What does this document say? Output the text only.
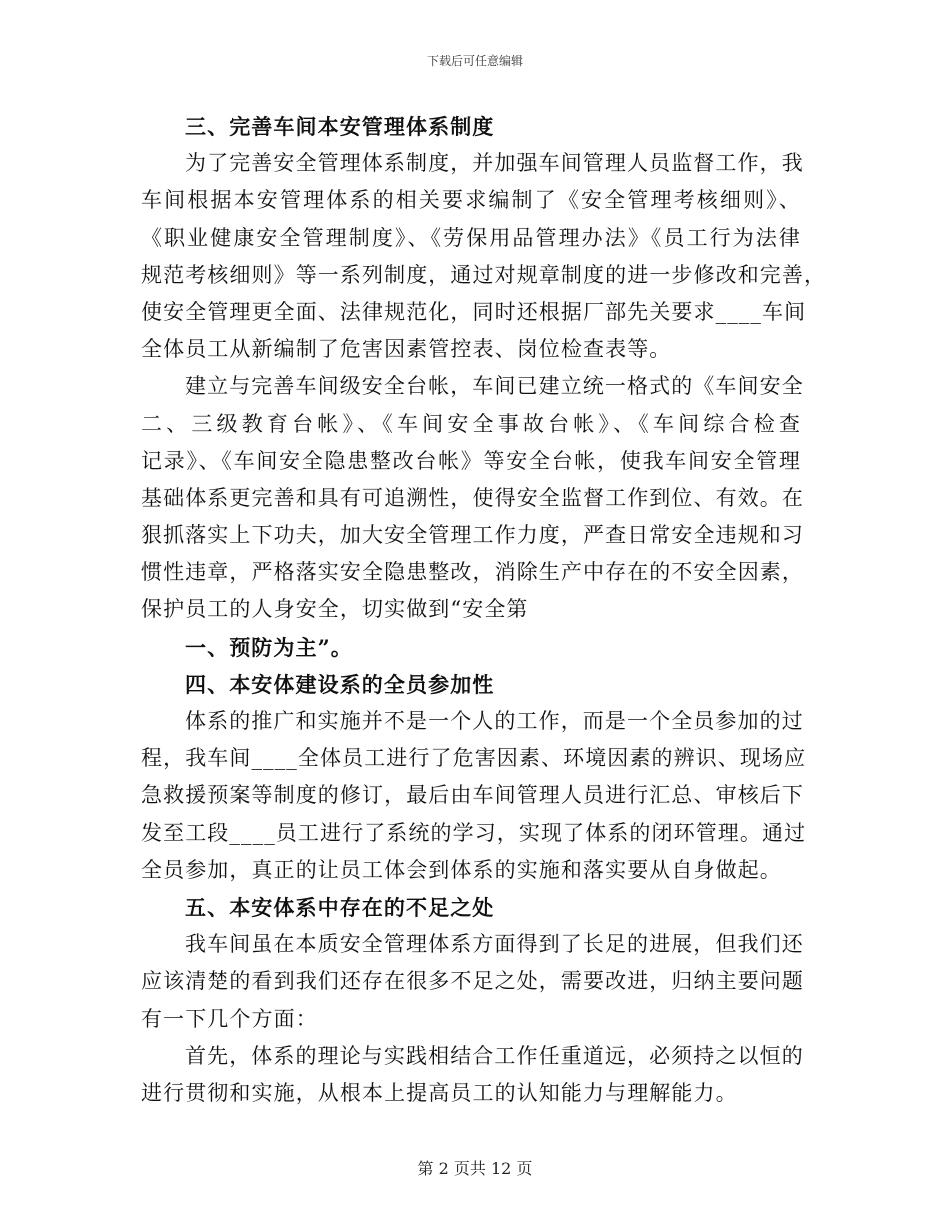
下载后可任意编辑
三、完善车间本安管理体系制度
为了完善安全管理体系制度，并加强车间管理人员监督工作，我
车间根据本安管理体系的相关要求编制了《安全管理考核细则》、
《职业健康安全管理制度》、《劳保用品管理办法》《员工行为法律
规范考核细则》等一系列制度，通过对规章制度的进一步修改和完善，
使安全管理更全面、法律规范化，同时还根据厂部先关要求____车间
全体员工从新编制了危害因素管控表、岗位检查表等。
建立与完善车间级安全台帐，车间已建立统一格式的《车间安全
二、三级教育台帐》、《车间安全事故台帐》、《车间综合检查
记录》、《车间安全隐患整改台帐》等安全台帐，使我车间安全管理
基础体系更完善和具有可追溯性，使得安全监督工作到位、有效。在
狠抓落实上下功夫，加大安全管理工作力度，严查日常安全违规和习
惯性违章，严格落实安全隐患整改，消除生产中存在的不安全因素，
保护员工的人身安全，切实做到“安全第
一、预防为主”。
四、本安体建设系的全员参加性
体系的推广和实施并不是一个人的工作，而是一个全员参加的过
程，我车间____全体员工进行了危害因素、环境因素的辨识、现场应
急救援预案等制度的修订，最后由车间管理人员进行汇总、审核后下
发至工段____员工进行了系统的学习，实现了体系的闭环管理。通过
全员参加，真正的让员工体会到体系的实施和落实要从自身做起。
五、本安体系中存在的不足之处
我车间虽在本质安全管理体系方面得到了长足的进展，但我们还
应该清楚的看到我们还存在很多不足之处，需要改进，归纳主要问题
有一下几个方面：
首先，体系的理论与实践相结合工作任重道远，必须持之以恒的
进行贯彻和实施，从根本上提高员工的认知能力与理解能力。
第 2 页共 12 页
